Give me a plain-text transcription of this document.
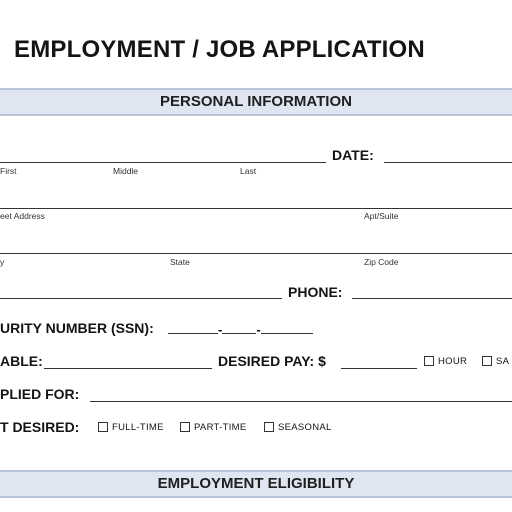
EMPLOYMENT / JOB APPLICATION
PERSONAL INFORMATION
DATE:
First	Middle	Last
eet Address	Apt/Suite
y	State	Zip Code
PHONE:
URITY NUMBER (SSN):	-	-
ABLE:	DESIRED PAY: $	HOUR	SA
PLIED FOR:
T DESIRED:	FULL-TIME	PART-TIME	SEASONAL
EMPLOYMENT ELIGIBILITY
